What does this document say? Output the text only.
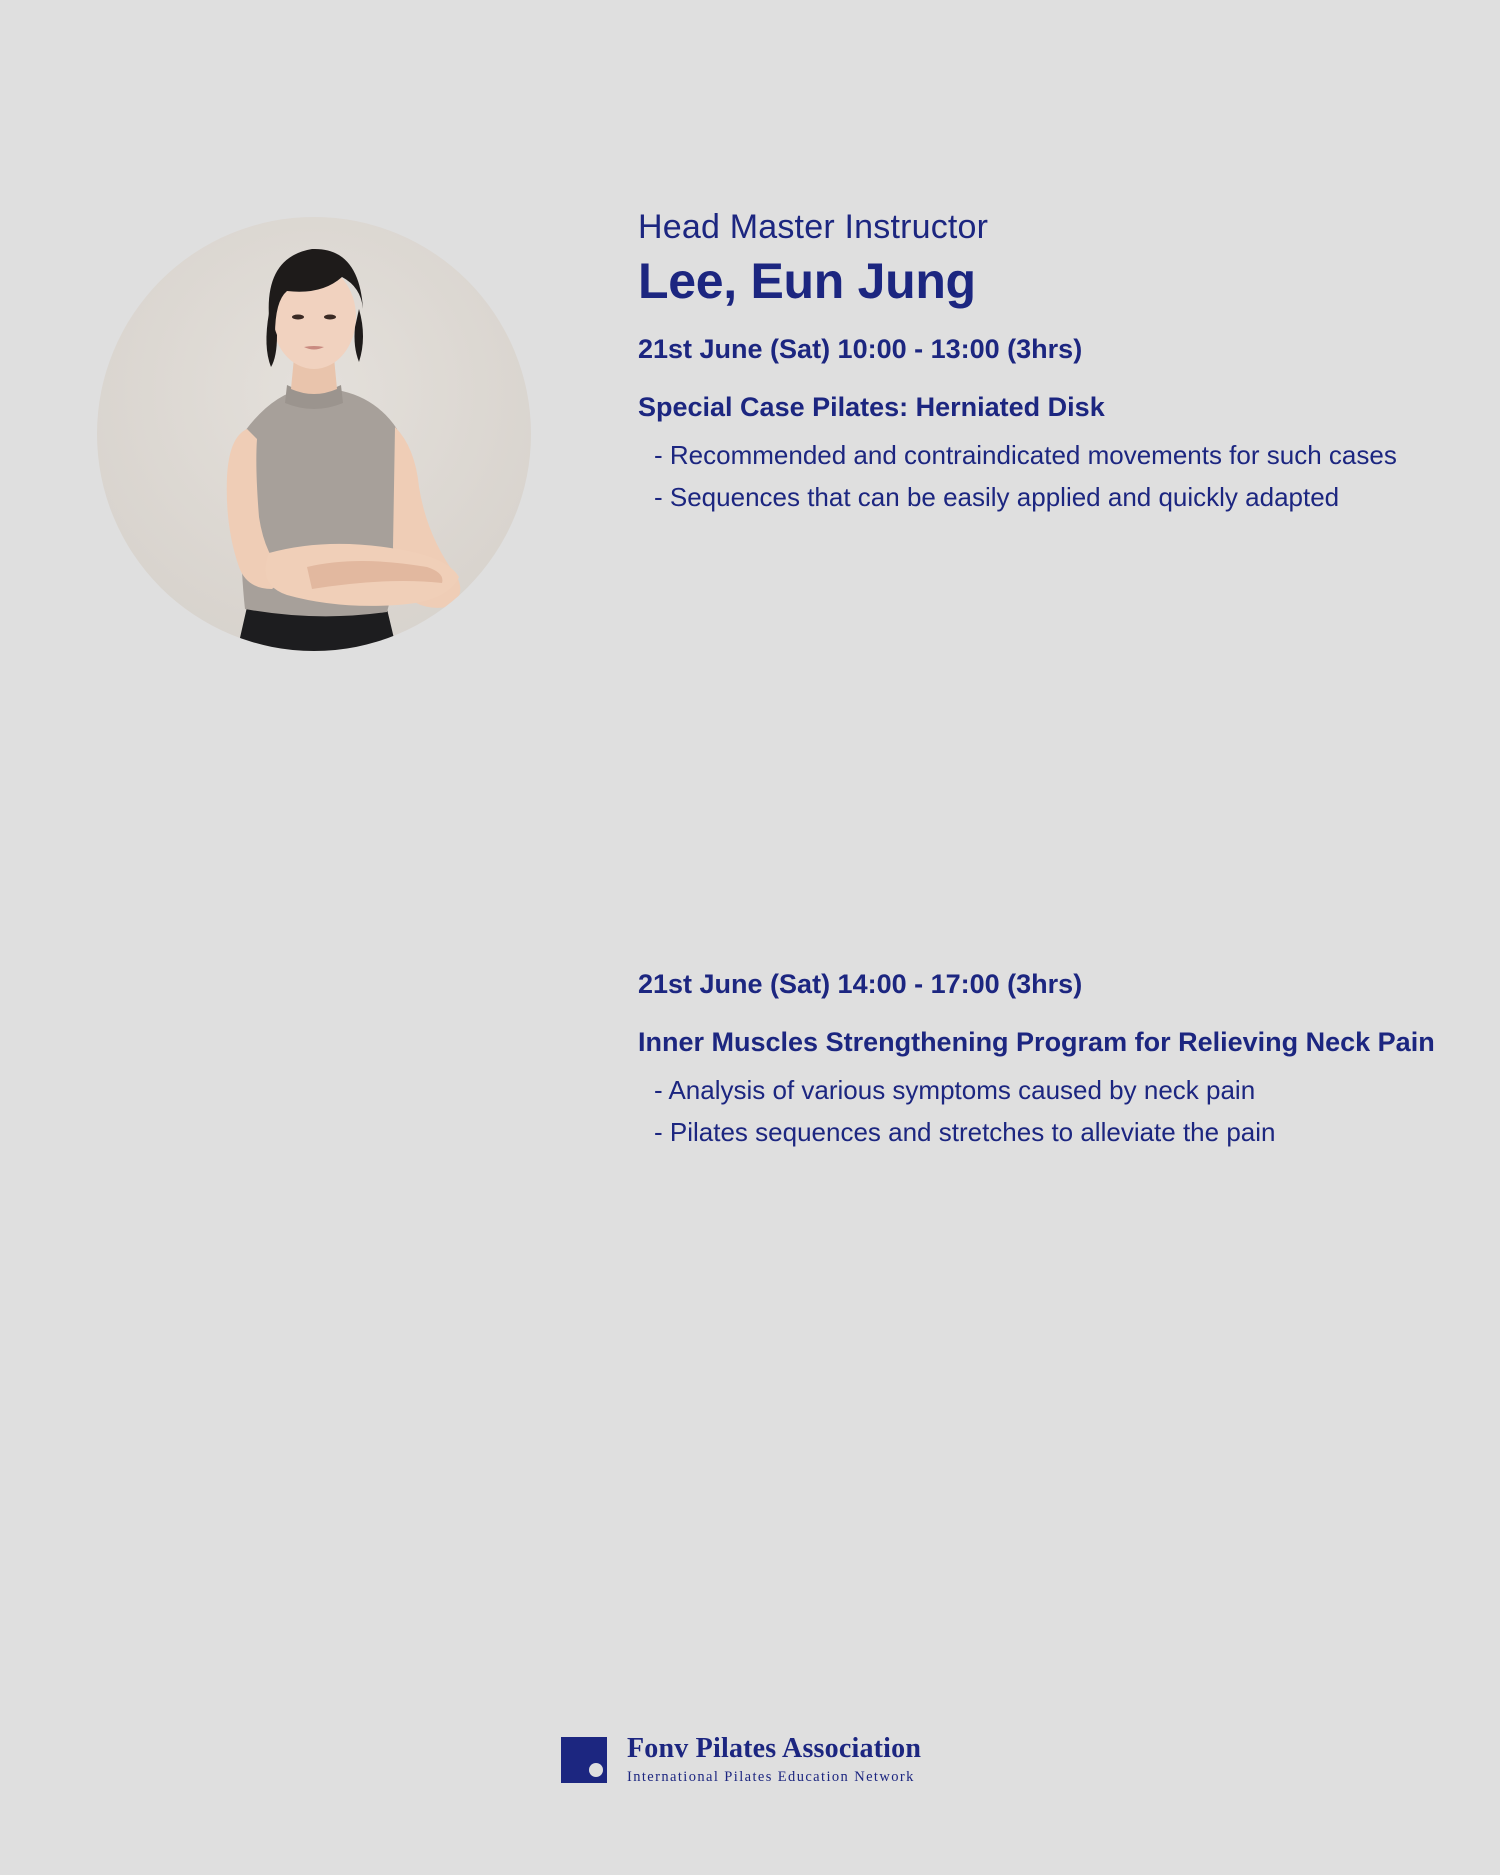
Head Master Instructor
Lee, Eun Jung

21st June (Sat) 10:00 - 13:00 (3hrs)

Special Case Pilates: Herniated Disk

- Recommended and contraindicated movements for such cases
- Sequences that can be easily applied and quickly adapted

21st June (Sat) 14:00 - 17:00 (3hrs)

Inner Muscles Strengthening Program for Relieving Neck Pain

- Analysis of various symptoms caused by neck pain
- Pilates sequences and stretches to alleviate the pain
Fonv Pilates Association
International Pilates Education Network
